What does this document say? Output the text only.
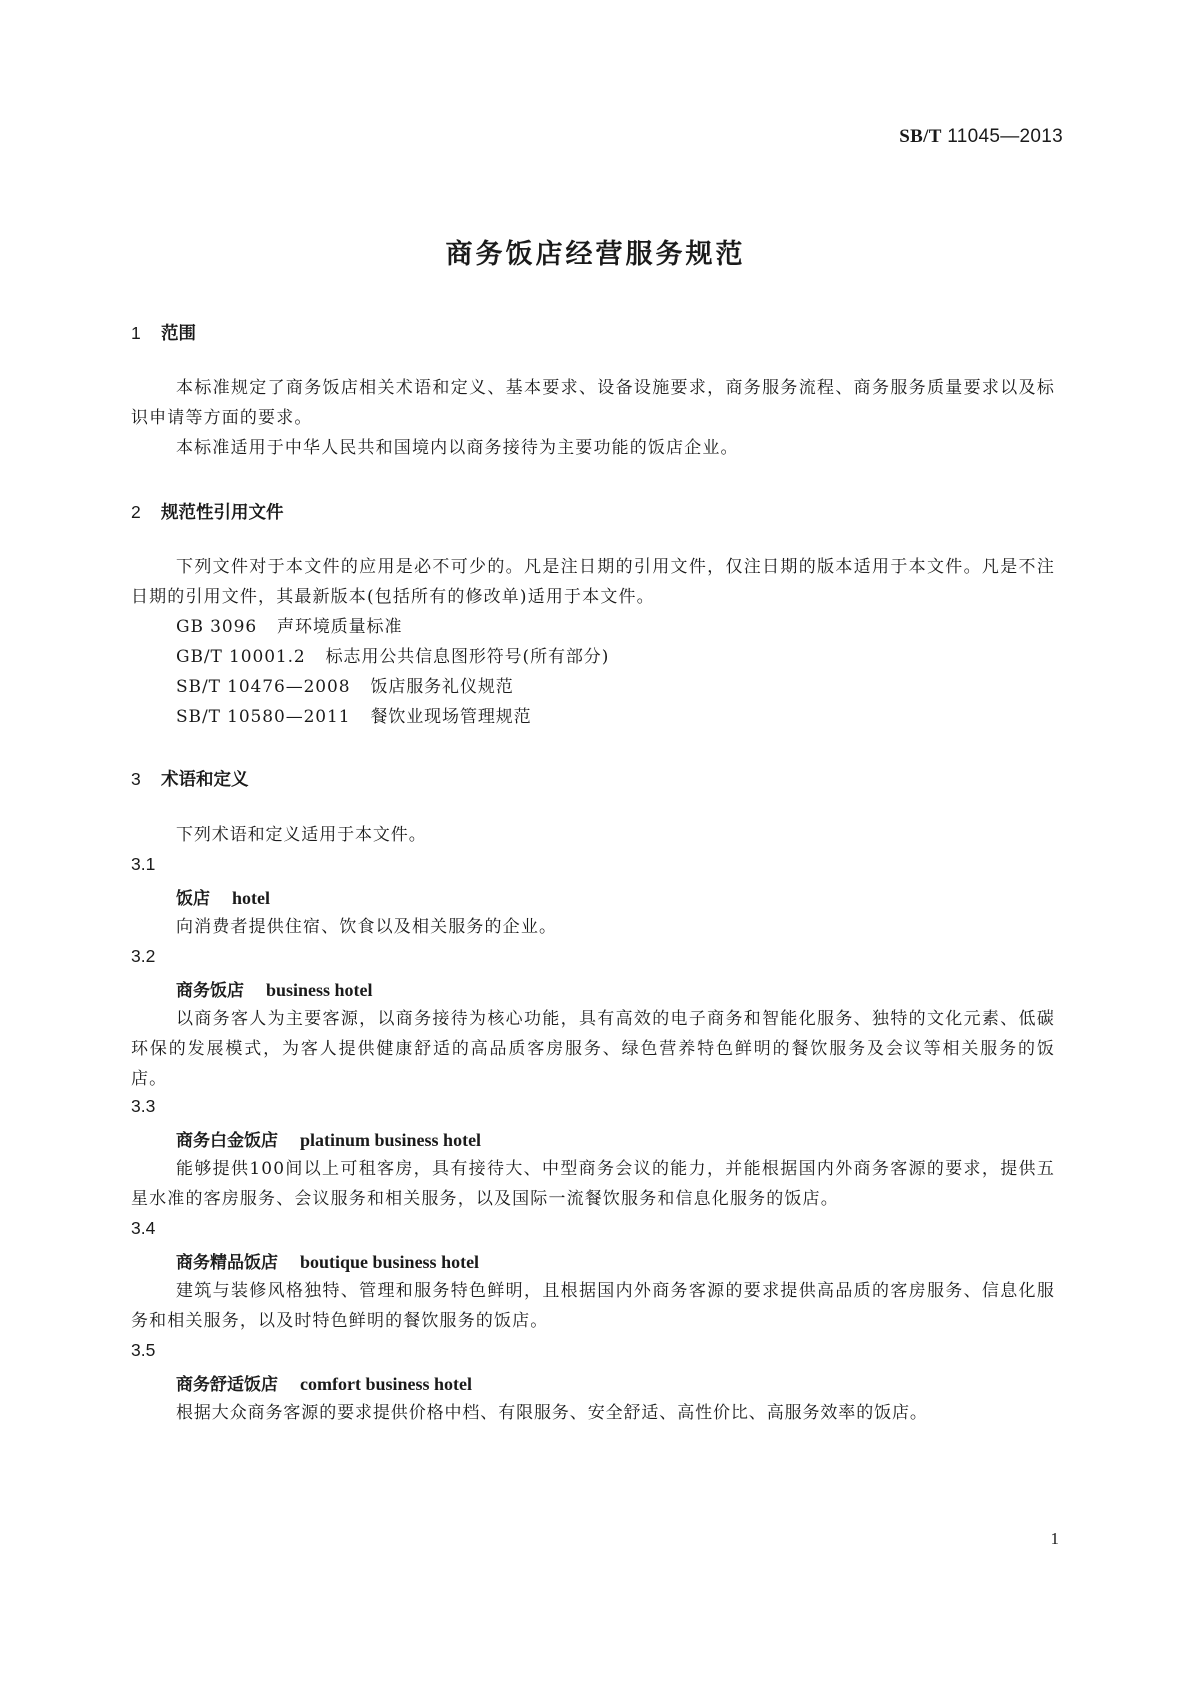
SB/T 11045—2013
商务饭店经营服务规范
1 范围
本标准规定了商务饭店相关术语和定义、基本要求、设备设施要求，商务服务流程、商务服务质量要求以及标识申请等方面的要求。
本标准适用于中华人民共和国境内以商务接待为主要功能的饭店企业。
2 规范性引用文件
下列文件对于本文件的应用是必不可少的。凡是注日期的引用文件，仅注日期的版本适用于本文件。凡是不注日期的引用文件，其最新版本(包括所有的修改单)适用于本文件。
GB 3096 声环境质量标准
GB/T 10001.2 标志用公共信息图形符号(所有部分)
SB/T 10476—2008 饭店服务礼仪规范
SB/T 10580—2011 餐饮业现场管理规范
3 术语和定义
下列术语和定义适用于本文件。
3.1
饭店 hotel
向消费者提供住宿、饮食以及相关服务的企业。
3.2
商务饭店 business hotel
以商务客人为主要客源，以商务接待为核心功能，具有高效的电子商务和智能化服务、独特的文化元素、低碳环保的发展模式，为客人提供健康舒适的高品质客房服务、绿色营养特色鲜明的餐饮服务及会议等相关服务的饭店。
3.3
商务白金饭店 platinum business hotel
能够提供100间以上可租客房，具有接待大、中型商务会议的能力，并能根据国内外商务客源的要求，提供五星水准的客房服务、会议服务和相关服务，以及国际一流餐饮服务和信息化服务的饭店。
3.4
商务精品饭店 boutique business hotel
建筑与装修风格独特、管理和服务特色鲜明，且根据国内外商务客源的要求提供高品质的客房服务、信息化服务和相关服务，以及时特色鲜明的餐饮服务的饭店。
3.5
商务舒适饭店 comfort business hotel
根据大众商务客源的要求提供价格中档、有限服务、安全舒适、高性价比、高服务效率的饭店。
1
